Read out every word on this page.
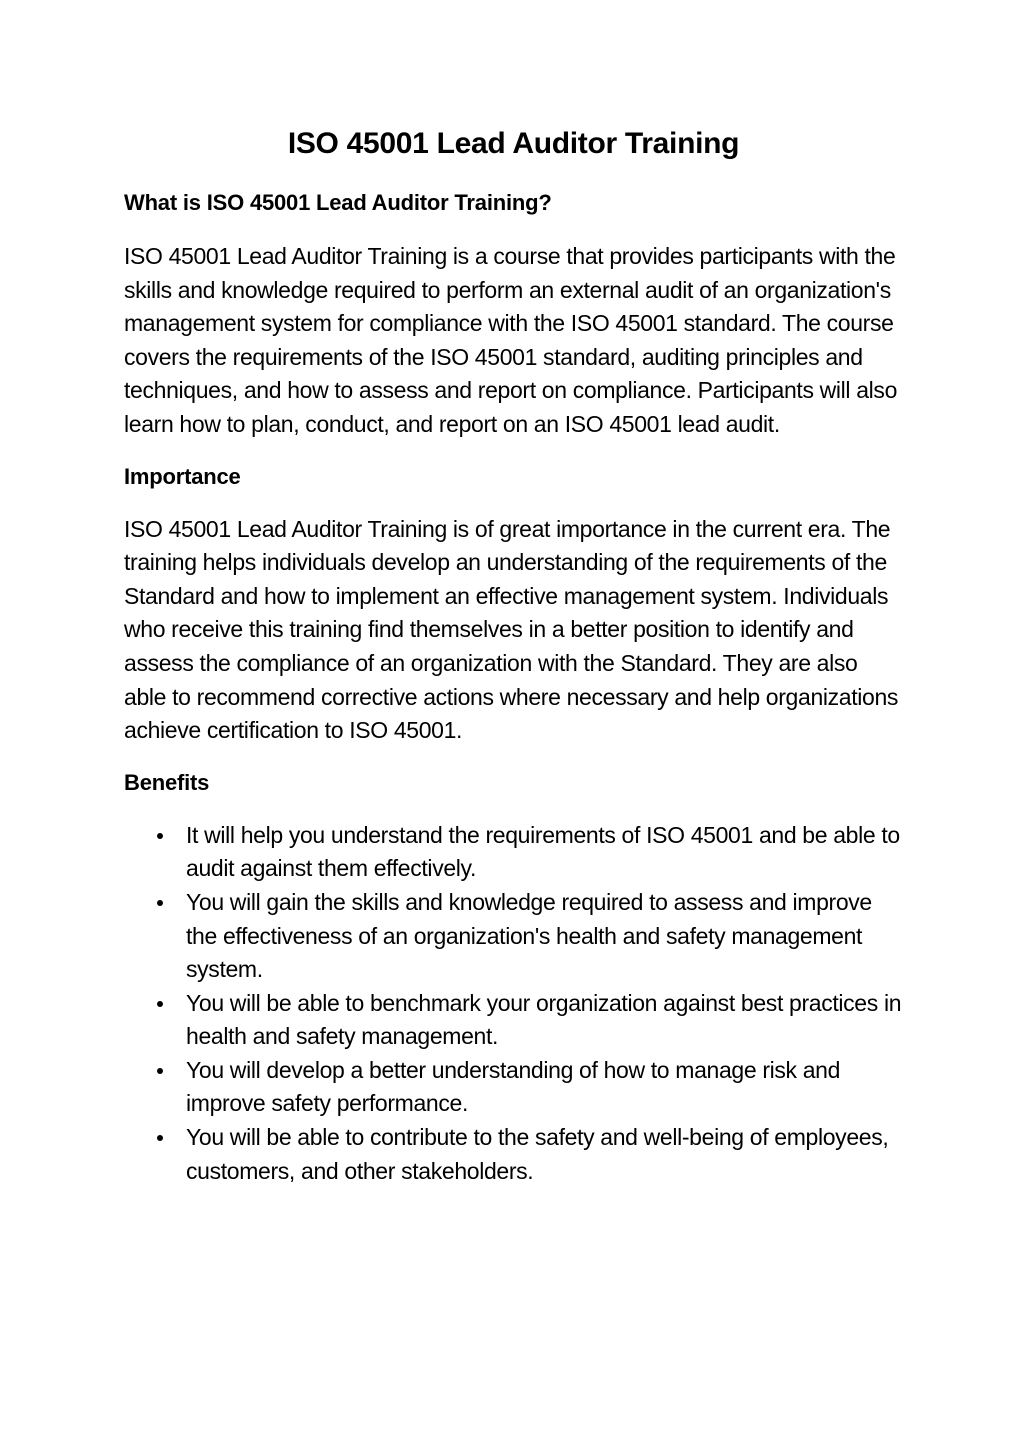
ISO 45001 Lead Auditor Training
What is ISO 45001 Lead Auditor Training?

ISO 45001 Lead Auditor Training is a course that provides participants with the skills and knowledge required to perform an external audit of an organization's management system for compliance with the ISO 45001 standard. The course covers the requirements of the ISO 45001 standard, auditing principles and techniques, and how to assess and report on compliance. Participants will also learn how to plan, conduct, and report on an ISO 45001 lead audit.

Importance

ISO 45001 Lead Auditor Training is of great importance in the current era. The training helps individuals develop an understanding of the requirements of the Standard and how to implement an effective management system. Individuals who receive this training find themselves in a better position to identify and assess the compliance of an organization with the Standard. They are also able to recommend corrective actions where necessary and help organizations achieve certification to ISO 45001.

Benefits
It will help you understand the requirements of ISO 45001 and be able to audit against them effectively.
You will gain the skills and knowledge required to assess and improve the effectiveness of an organization's health and safety management system.
You will be able to benchmark your organization against best practices in health and safety management.
You will develop a better understanding of how to manage risk and improve safety performance.
You will be able to contribute to the safety and well-being of employees, customers, and other stakeholders.
